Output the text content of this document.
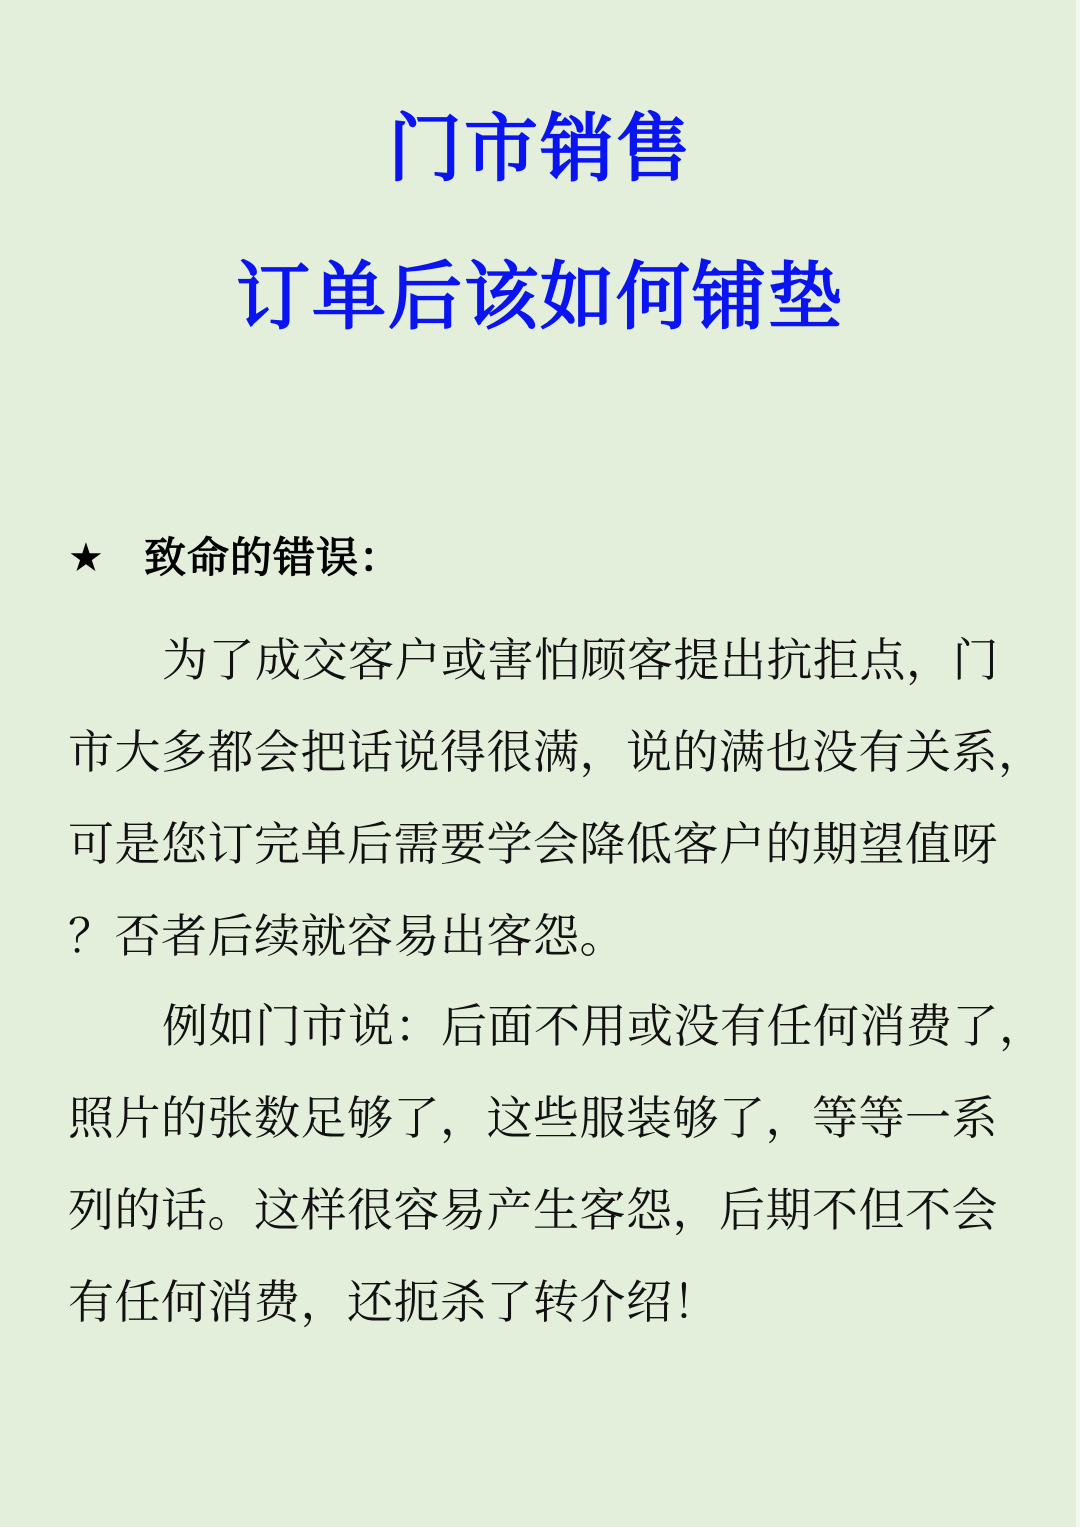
门市销售
订单后该如何铺垫
★ 致命的错误：

为了成交客户或害怕顾客提出抗拒点，门
市大多都会把话说得很满，说的满也没有关系，
可是您订完单后需要学会降低客户的期望值呀
？否者后续就容易出客怨。

例如门市说：后面不用或没有任何消费了，
照片的张数足够了，这些服装够了，等等一系
列的话。这样很容易产生客怨，后期不但不会
有任何消费，还扼杀了转介绍！
